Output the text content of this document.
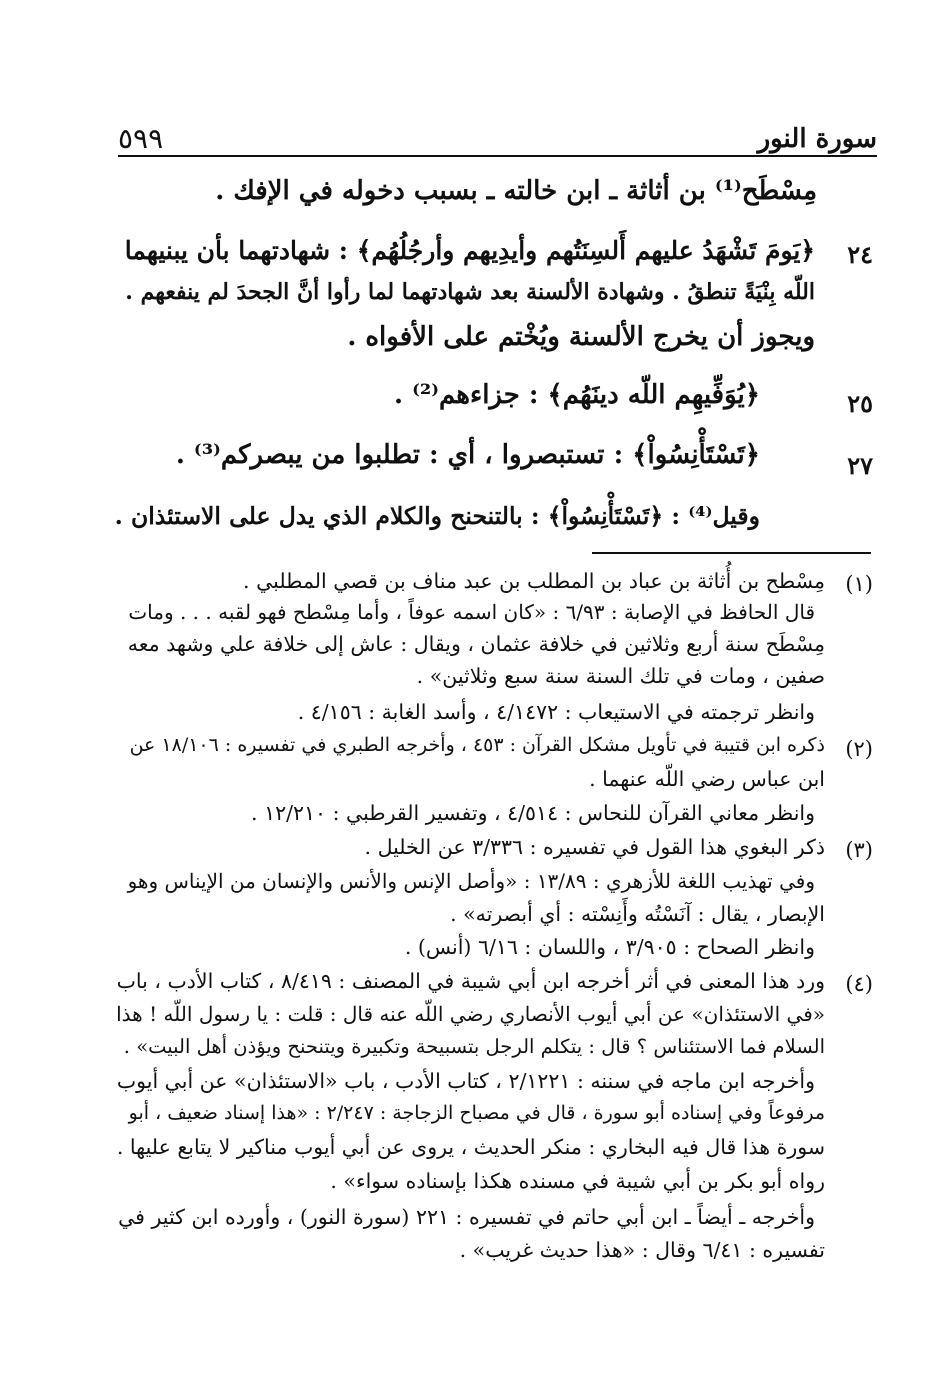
٥٩٩	سورة النور
مِسْطَح⁽¹⁾ بن أثاثة ـ ابن خالته ـ بسبب دخوله في الإفك .
٢٤
﴿يَومَ تَشْهَدُ عليهم أَلسِنَتُهم وأيدِيهم وأرجُلُهُم﴾ : شهادتهما بأن يبنيهما
اللّه بِنْيَةً تنطقُ . وشهادة الألسنة بعد شهادتهما لما رأوا أنَّ الجحدَ لم ينفعهم .
ويجوز أن يخرج الألسنة ويُخْتم على الأفواه .
٢٥
﴿يُوَفِّيهِم اللّه دينَهُم﴾ : جزاءهم⁽²⁾ .
٢٧
﴿تَسْتَأْنِسُواْ﴾ : تستبصروا ، أي : تطلبوا من يبصركم⁽³⁾ .
وقيل⁽⁴⁾ : ﴿تَسْتَأْنِسُواْ﴾ : بالتنحنح والكلام الذي يدل على الاستئذان .
(١)
مِسْطح بن أُثاثة بن عباد بن المطلب بن عبد مناف بن قصي المطلبي .
قال الحافظ في الإصابة : ٦/٩٣ : «كان اسمه عوفاً ، وأما مِسْطح فهو لقبه . . . ومات
مِسْطَح سنة أربع وثلاثين في خلافة عثمان ، ويقال : عاش إلى خلافة علي وشهد معه
صفين ، ومات في تلك السنة سنة سبع وثلاثين» .
وانظر ترجمته في الاستيعاب : ٤/١٤٧٢ ، وأسد الغابة : ٤/١٥٦ .
(٢)
ذكره ابن قتيبة في تأويل مشكل القرآن : ٤٥٣ ، وأخرجه الطبري في تفسيره : ١٨/١٠٦ عن
ابن عباس رضي اللّه عنهما .
وانظر معاني القرآن للنحاس : ٤/٥١٤ ، وتفسير القرطبي : ١٢/٢١٠ .
(٣)
ذكر البغوي هذا القول في تفسيره : ٣/٣٣٦ عن الخليل .
وفي تهذيب اللغة للأزهري : ١٣/٨٩ : «وأصل الإنس والأنس والإنسان من الإيناس وهو
الإبصار ، يقال : آنَسْتُه وأَنِسْته : أي أبصرته» .
وانظر الصحاح : ٣/٩٠٥ ، واللسان : ٦/١٦ (أنس) .
(٤)
ورد هذا المعنى في أثر أخرجه ابن أبي شيبة في المصنف : ٨/٤١٩ ، كتاب الأدب ، باب
«في الاستئذان» عن أبي أيوب الأنصاري رضي اللّه عنه قال : قلت : يا رسول اللّه ! هذا
السلام فما الاستئناس ؟ قال : يتكلم الرجل بتسبيحة وتكبيرة ويتنحنح ويؤذن أهل البيت» .
وأخرجه ابن ماجه في سننه : ٢/١٢٢١ ، كتاب الأدب ، باب «الاستئذان» عن أبي أيوب
مرفوعاً وفي إسناده أبو سورة ، قال في مصباح الزجاجة : ٢/٢٤٧ : «هذا إسناد ضعيف ، أبو
سورة هذا قال فيه البخاري : منكر الحديث ، يروى عن أبي أيوب مناكير لا يتابع عليها .
رواه أبو بكر بن أبي شيبة في مسنده هكذا بإسناده سواء» .
وأخرجه ـ أيضاً ـ ابن أبي حاتم في تفسيره : ٢٢١ (سورة النور) ، وأورده ابن كثير في
تفسيره : ٦/٤١ وقال : «هذا حديث غريب» .
